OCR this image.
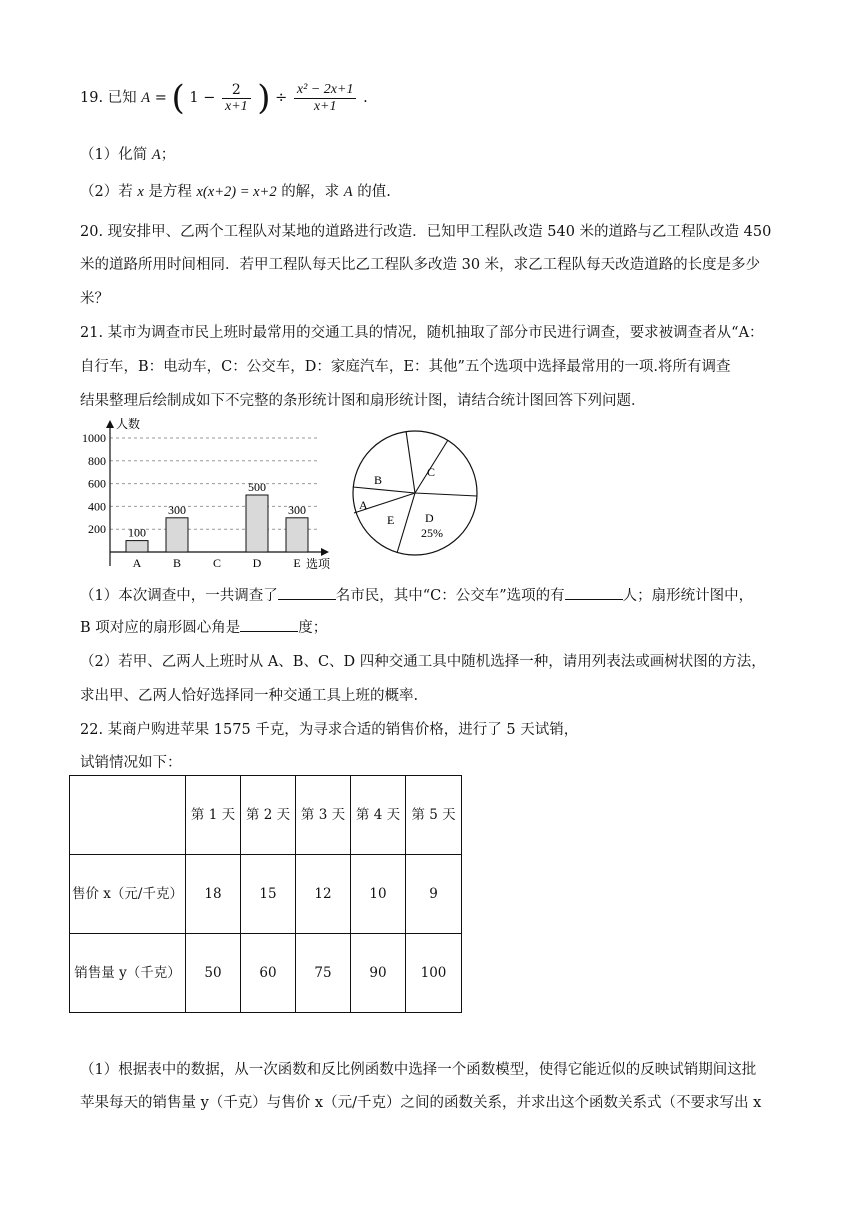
19. 已知 A = ( $1 - \frac{2}{x+1}$ ) ÷ $\frac{\text{x² − 2x+1}}{x+1}$ .
（1）化简 A；
（2）若 x 是方程 x(x+2) = x+2 的解，求 A 的值.
20. 现安排甲、乙两个工程队对某地的道路进行改造．已知甲工程队改造 540 米的道路与乙工程队改造 450
米的道路所用时间相同．若甲工程队每天比乙工程队多改造 30 米，求乙工程队每天改造道路的长度是多少
米？
21. 某市为调查市民上班时最常用的交通工具的情况，随机抽取了部分市民进行调查，要求被调查者从“A：
自行车，B：电动车，C：公交车，D：家庭汽车，E：其他”五个选项中选择最常用的一项.将所有调查
结果整理后绘制成如下不完整的条形统计图和扇形统计图，请结合统计图回答下列问题．
人数
选项
200
400
600
800
1000
100
A
300
B	C
500
D
300
E
C
B
A
E	D
25%
（1）本次调查中，一共调查了	名市民，其中“C：公交车”选项的有	人；扇形统计图中，
B 项对应的扇形圆心角是	度；
（2）若甲、乙两人上班时从 A、B、C、D 四种交通工具中随机选择一种，请用列表法或画树状图的方法，
求出甲、乙两人恰好选择同一种交通工具上班的概率.
22. 某商户购进苹果 1575 千克，为寻求合适的销售价格，进行了 5 天试销，
试销情况如下：
	第 1 天	第 2 天	第 3 天	第 4 天	第 5 天
售价 x（元/千克）	18	15	12	10	9
销售量 y（千克）	50	60	75	90	100
（1）根据表中的数据，从一次函数和反比例函数中选择一个函数模型，使得它能近似的反映试销期间这批
苹果每天的销售量 y（千克）与售价 x（元/千克）之间的函数关系，并求出这个函数关系式（不要求写出 x
